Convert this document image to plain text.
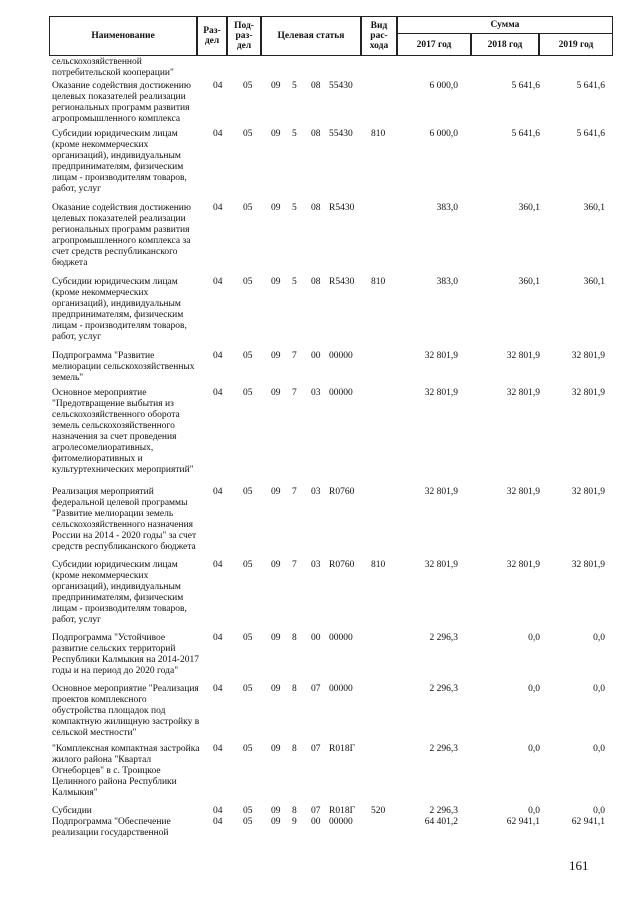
Наименование	Раз-
дел
Под-
раз-
дел
Целевая статья
Вид
рас-
хода
Сумма
2017 год	2018 год	2019 год
сельскохозяйственной потребительской кооперации"
Оказание содействия достижению целевых показателей реализации региональных программ развития агропромышленного комплекса
04 05 09 5 08 55430	6 000,0	5 641,6	5 641,6
Субсидии юридическим лицам (кроме некоммерческих организаций), индивидуальным предпринимателям, физическим лицам - производителям товаров, работ, услуг
04 05 09 5 08 55430 810	6 000,0	5 641,6	5 641,6
Оказание содействия достижению целевых показателей реализации региональных программ развития агропромышленного комплекса за счет средств республиканского бюджета
04 05 09 5 08 R5430	383,0	360,1	360,1
Субсидии юридическим лицам (кроме некоммерческих организаций), индивидуальным предпринимателям, физическим лицам - производителям товаров, работ, услуг
04 05 09 5 08 R5430 810	383,0	360,1	360,1
Подпрограмма "Развитие мелиорации сельскохозяйственных земель"
04 05 09 7 00 00000	32 801,9	32 801,9	32 801,9
Основное мероприятие "Предотвращение выбытия из сельскохозяйственного оборота земель сельскохозяйственного назначения за счет проведения агролесомелиоративных, фитомелиоративных и культуртехнических мероприятий"
04 05 09 7 03 00000	32 801,9	32 801,9	32 801,9
Реализация мероприятий федеральной целевой программы "Развитие мелиорации земель сельскохозяйственного назначения России на 2014 - 2020 годы" за счет средств республиканского бюджета
04 05 09 7 03 R0760	32 801,9	32 801,9	32 801,9
Субсидии юридическим лицам (кроме некоммерческих организаций), индивидуальным предпринимателям, физическим лицам - производителям товаров, работ, услуг
04 05 09 7 03 R0760 810	32 801,9	32 801,9	32 801,9
Подпрограмма "Устойчивое развитие сельских территорий Республики Калмыкия на 2014-2017 годы и на период до 2020 года"
04 05 09 8 00 00000	2 296,3	0,0	0,0
Основное мероприятие "Реализация проектов комплексного обустройства площадок под компактную жилищную застройку в сельской местности"
04 05 09 8 07 00000	2 296,3	0,0	0,0
"Комплексная компактная застройка жилого района "Квартал Огнеборцев" в с. Троицкое Целинного района Республики Калмыкия"
04 05 09 8 07 R018Г	2 296,3	0,0	0,0
Субсидии	04 05 09 8 07 R018Г 520	2 296,3	0,0	0,0
Подпрограмма "Обеспечение реализации государственной
04 05 09 9 00 00000	64 401,2	62 941,1	62 941,1
161
